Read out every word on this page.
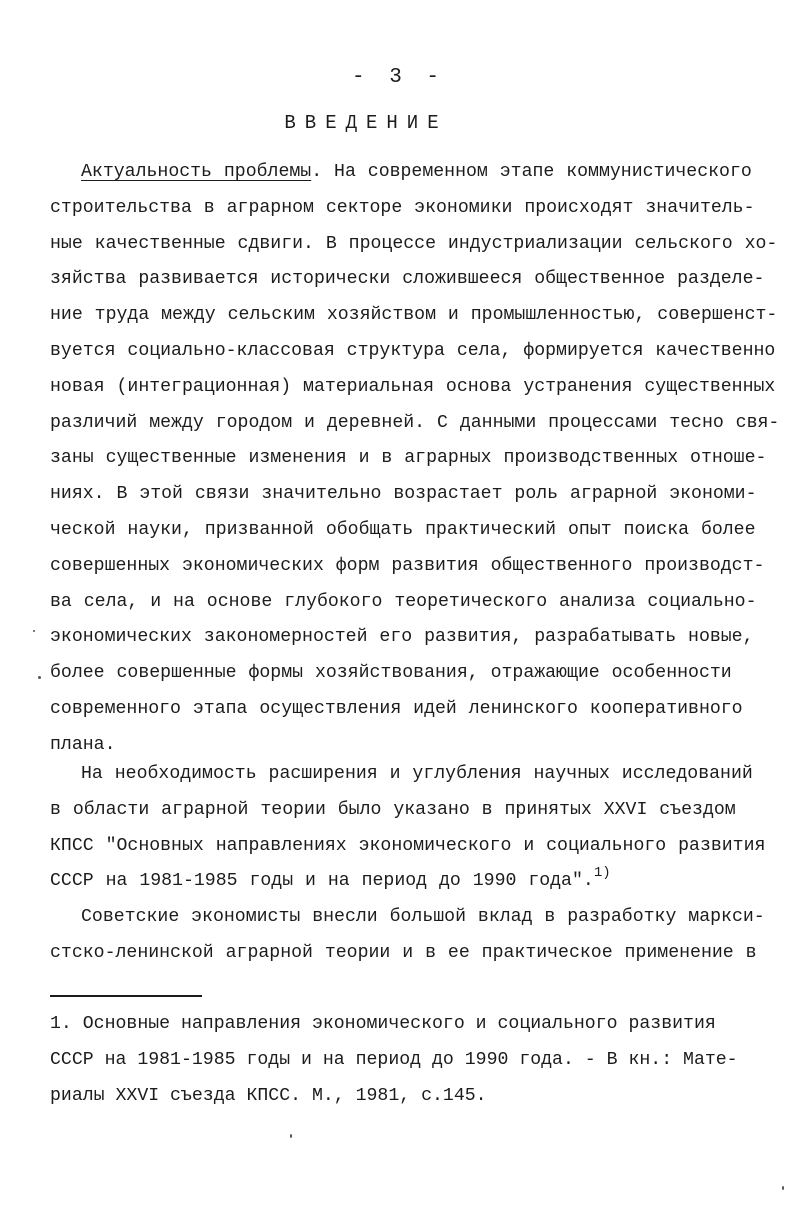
- 3 -
ВВЕДЕНИЕ
Актуальность проблемы. На современном этапе коммунистического
строительства в аграрном секторе экономики происходят значитель-
ные качественные сдвиги. В процессе индустриализации сельского хо-
зяйства развивается исторически сложившееся общественное разделе-
ние труда между сельским хозяйством и промышленностью, совершенст-
вуется социально-классовая структура села, формируется качественно
новая (интеграционная) материальная основа устранения существенных
различий между городом и деревней. С данными процессами тесно свя-
заны существенные изменения и в аграрных производственных отноше-
ниях. В этой связи значительно возрастает роль аграрной экономи-
ческой науки, призванной обобщать практический опыт поиска более
совершенных экономических форм развития общественного производст-
ва села, и на основе глубокого теоретического анализа социально-
экономических закономерностей его развития, разрабатывать новые,
более совершенные формы хозяйствования, отражающие особенности
современного этапа осуществления идей ленинского кооперативного
плана.
На необходимость расширения и углубления научных исследований
в области аграрной теории было указано в принятых XXVI съездом
КПСС "Основных направлениях экономического и социального развития
СССР на 1981-1985 годы и на период до 1990 года".$^{1)}$
Советские экономисты внесли большой вклад в разработку маркси-
стско-ленинской аграрной теории и в ее практическое применение в
1. Основные направления экономического и социального развития
СССР на 1981-1985 годы и на период до 1990 года. - В кн.: Мате-
риалы XXVI съезда КПСС. М., 1981, с.145.
